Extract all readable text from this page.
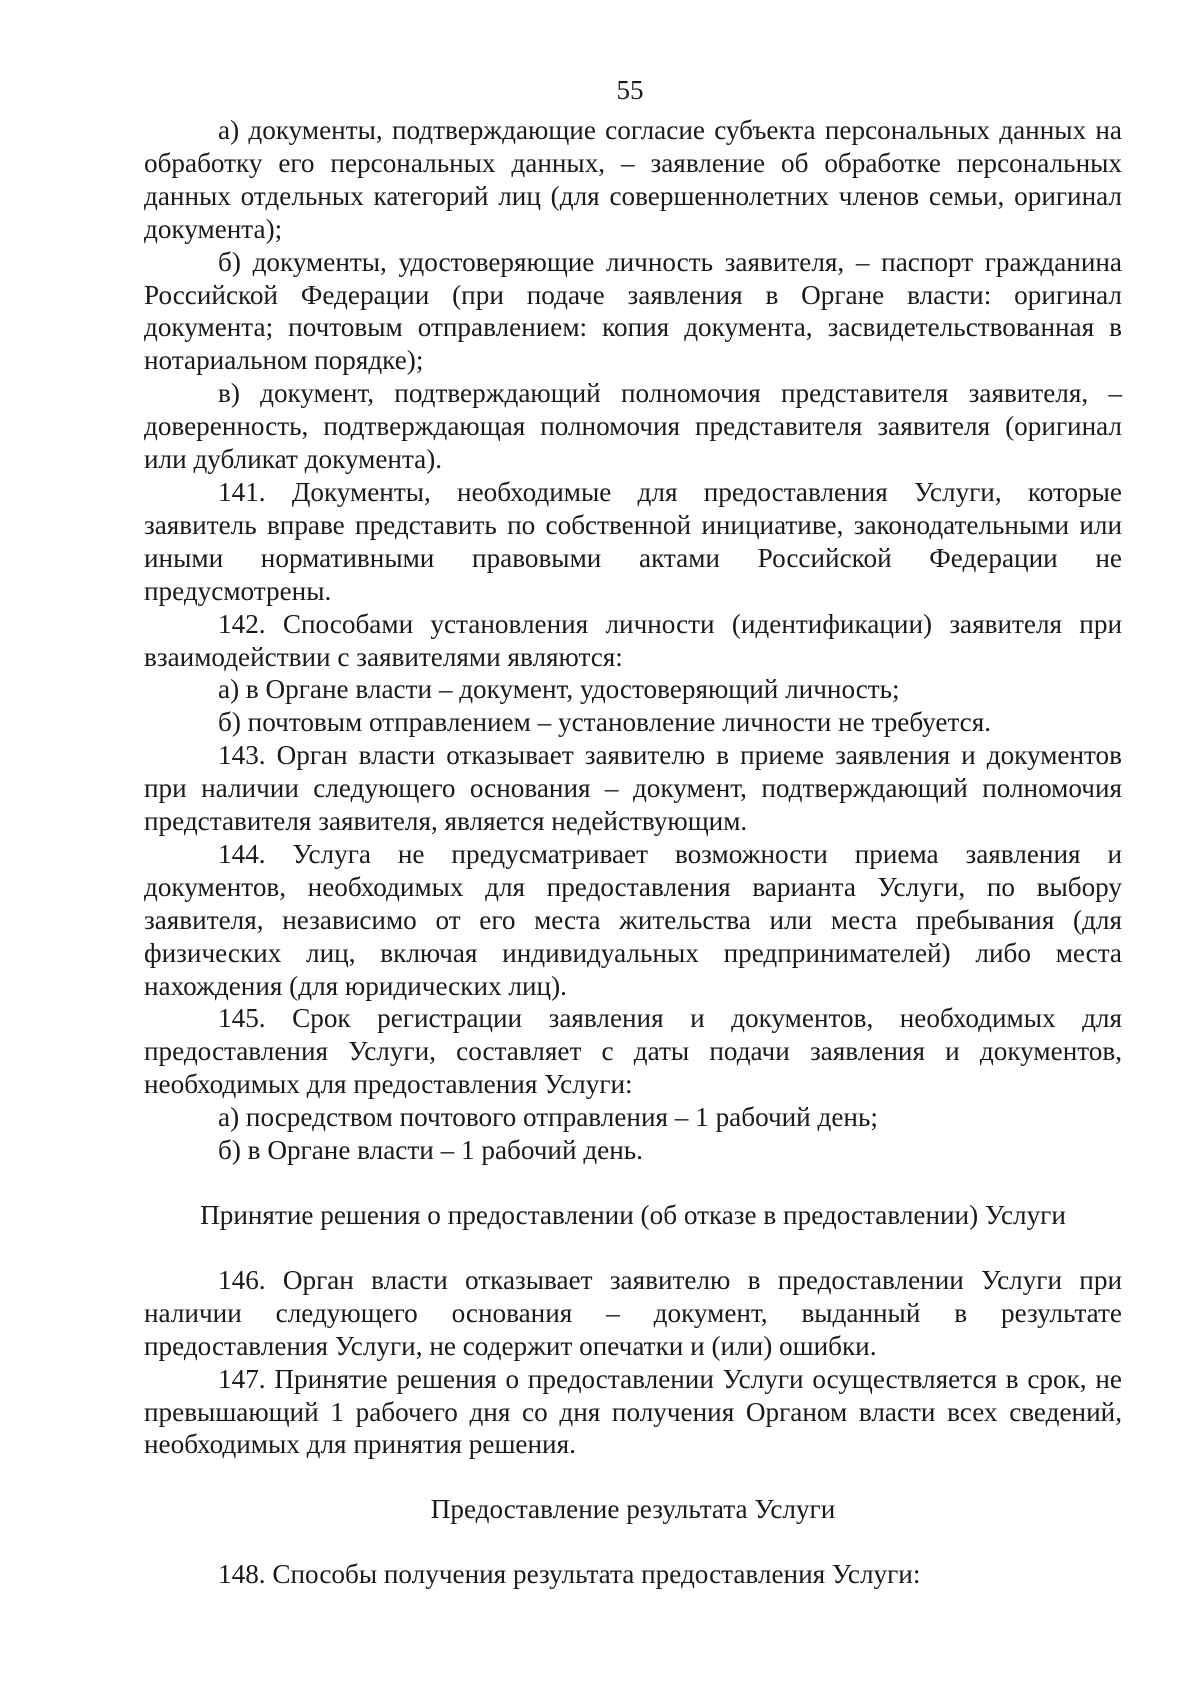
55

а) документы, подтверждающие согласие субъекта персональных данных на обработку его персональных данных, – заявление об обработке персональных данных отдельных категорий лиц (для совершеннолетних членов семьи, оригинал документа);

б) документы, удостоверяющие личность заявителя, – паспорт гражданина Российской Федерации (при подаче заявления в Органе власти: оригинал документа; почтовым отправлением: копия документа, засвидетельствованная в нотариальном порядке);

в) документ, подтверждающий полномочия представителя заявителя, – доверенность, подтверждающая полномочия представителя заявителя (оригинал или дубликат документа).

141. Документы, необходимые для предоставления Услуги, которые заявитель вправе представить по собственной инициативе, законодательными или иными нормативными правовыми актами Российской Федерации не предусмотрены.

142. Способами установления личности (идентификации) заявителя при взаимодействии с заявителями являются:

а) в Органе власти – документ, удостоверяющий личность;

б) почтовым отправлением – установление личности не требуется.

143. Орган власти отказывает заявителю в приеме заявления и документов при наличии следующего основания – документ, подтверждающий полномочия представителя заявителя, является недействующим.

144. Услуга не предусматривает возможности приема заявления и документов, необходимых для предоставления варианта Услуги, по выбору заявителя, независимо от его места жительства или места пребывания (для физических лиц, включая индивидуальных предпринимателей) либо места нахождения (для юридических лиц).

145. Срок регистрации заявления и документов, необходимых для предоставления Услуги, составляет с даты подачи заявления и документов, необходимых для предоставления Услуги:

а) посредством почтового отправления – 1 рабочий день;

б) в Органе власти – 1 рабочий день.

Принятие решения о предоставлении (об отказе в предоставлении) Услуги

146. Орган власти отказывает заявителю в предоставлении Услуги при наличии следующего основания – документ, выданный в результате предоставления Услуги, не содержит опечатки и (или) ошибки.

147. Принятие решения о предоставлении Услуги осуществляется в срок, не превышающий 1 рабочего дня со дня получения Органом власти всех сведений, необходимых для принятия решения.

Предоставление результата Услуги

148. Способы получения результата предоставления Услуги:
